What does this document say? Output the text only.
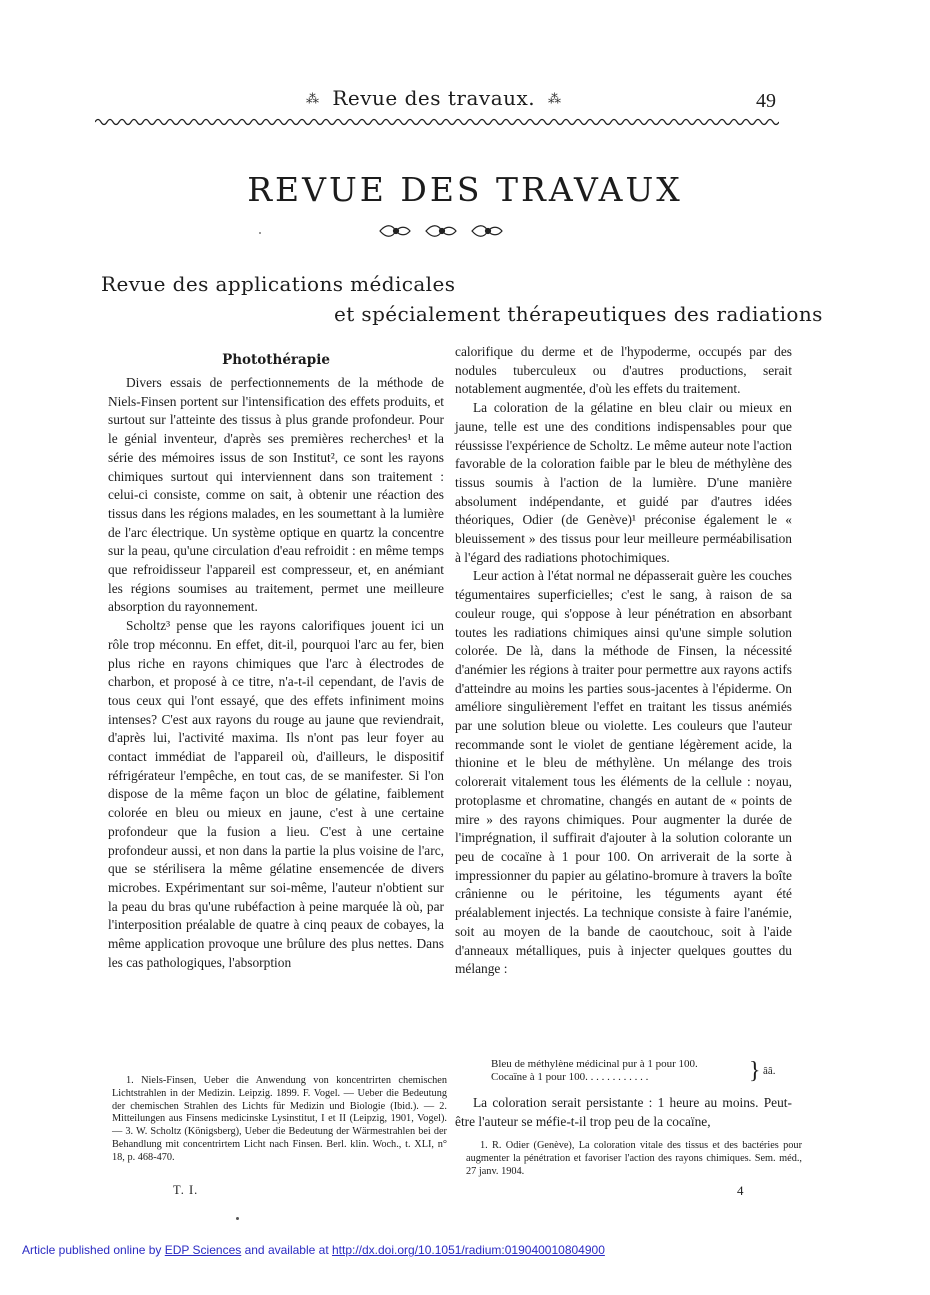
⁂ Revue des travaux. ⁂	49
REVUE DES TRAVAUX
Revue des applications médicales
et spécialement thérapeutiques des radiations
Photothérapie

Divers essais de perfectionnements de la méthode de Niels-Finsen portent sur l'intensification des effets produits, et surtout sur l'atteinte des tissus à plus grande profondeur. Pour le génial inventeur, d'après ses premières recherches¹ et la série des mémoires issus de son Institut², ce sont les rayons chimiques surtout qui interviennent dans son traitement : celui-ci consiste, comme on sait, à obtenir une réaction des tissus dans les régions malades, en les soumettant à la lumière de l'arc électrique. Un système optique en quartz la concentre sur la peau, qu'une circulation d'eau refroidit : en même temps que refroidisseur l'appareil est compresseur, et, en anémiant les régions soumises au traitement, permet une meilleure absorption du rayonnement.

Scholtz³ pense que les rayons calorifiques jouent ici un rôle trop méconnu. En effet, dit-il, pourquoi l'arc au fer, bien plus riche en rayons chimiques que l'arc à électrodes de charbon, et proposé à ce titre, n'a-t-il cependant, de l'avis de tous ceux qui l'ont essayé, que des effets infiniment moins intenses? C'est aux rayons du rouge au jaune que reviendrait, d'après lui, l'activité maxima. Ils n'ont pas leur foyer au contact immédiat de l'appareil où, d'ailleurs, le dispositif réfrigérateur l'empêche, en tout cas, de se manifester. Si l'on dispose de la même façon un bloc de gélatine, faiblement colorée en bleu ou mieux en jaune, c'est à une certaine profondeur que la fusion a lieu. C'est à une certaine profondeur aussi, et non dans la partie la plus voisine de l'arc, que se stérilisera la même gélatine ensemencée de divers microbes. Expérimentant sur soi-même, l'auteur n'obtient sur la peau du bras qu'une rubéfaction à peine marquée là où, par l'interposition préalable de quatre à cinq peaux de cobayes, la même application provoque une brûlure des plus nettes. Dans les cas pathologiques, l'absorption

calorifique du derme et de l'hypoderme, occupés par des nodules tuberculeux ou d'autres productions, serait notablement augmentée, d'où les effets du traitement.

La coloration de la gélatine en bleu clair ou mieux en jaune, telle est une des conditions indispensables pour que réussisse l'expérience de Scholtz. Le même auteur note l'action favorable de la coloration faible par le bleu de méthylène des tissus soumis à l'action de la lumière. D'une manière absolument indépendante, et guidé par d'autres idées théoriques, Odier (de Genève)¹ préconise également le « bleuissement » des tissus pour leur meilleure perméabilisation à l'égard des radiations photochimiques.

Leur action à l'état normal ne dépasserait guère les couches tégumentaires superficielles; c'est le sang, à raison de sa couleur rouge, qui s'oppose à leur pénétration en absorbant toutes les radiations chimiques ainsi qu'une simple solution colorée. De là, dans la méthode de Finsen, la nécessité d'anémier les régions à traiter pour permettre aux rayons actifs d'atteindre au moins les parties sous-jacentes à l'épiderme. On améliore singulièrement l'effet en traitant les tissus anémiés par une solution bleue ou violette. Les couleurs que l'auteur recommande sont le violet de gentiane légèrement acide, la thionine et le bleu de méthylène. Un mélange des trois colorerait vitalement tous les éléments de la cellule : noyau, protoplasme et chromatine, changés en autant de « points de mire » des rayons chimiques. Pour augmenter la durée de l'imprégnation, il suffirait d'ajouter à la solution colorante un peu de cocaïne à 1 pour 100. On arriverait de la sorte à impressionner du papier au gélatino-bromure à travers la boîte crânienne ou le péritoine, les téguments ayant été préalablement injectés. La technique consiste à faire l'anémie, soit au moyen de la bande de caoutchouc, soit à l'aide d'anneaux métalliques, puis à injecter quelques gouttes du mélange :

Bleu de méthylène médicinal pur à 1 pour 100.
Cocaïne à 1 pour 100. . . . . . . . . . . .	} ââ.

La coloration serait persistante : 1 heure au moins. Peut-être l'auteur se méfie-t-il trop peu de la cocaïne,

1. Niels-Finsen, Ueber die Anwendung von koncentrirten chemischen Lichtstrahlen in der Medizin. Leipzig. 1899. F. Vogel. — Ueber die Bedeutung der chemischen Strahlen des Lichts für Medizin und Biologie (Ibid.). — 2. Mitteilungen aus Finsens medicinske Lysinstitut, I et II (Leipzig, 1901, Vogel). — 3. W. Scholtz (Königsberg), Ueber die Bedeutung der Wärmestrahlen bei der Behandlung mit concentrirtem Licht nach Finsen. Berl. klin. Woch., t. XLI, n° 18, p. 468-470.
1. R. Odier (Genève), La coloration vitale des tissus et des bactéries pour augmenter la pénétration et favoriser l'action des rayons chimiques. Sem. méd., 27 janv. 1904.
T. I.	4
Article published online by EDP Sciences and available at http://dx.doi.org/10.1051/radium:019040010804900
